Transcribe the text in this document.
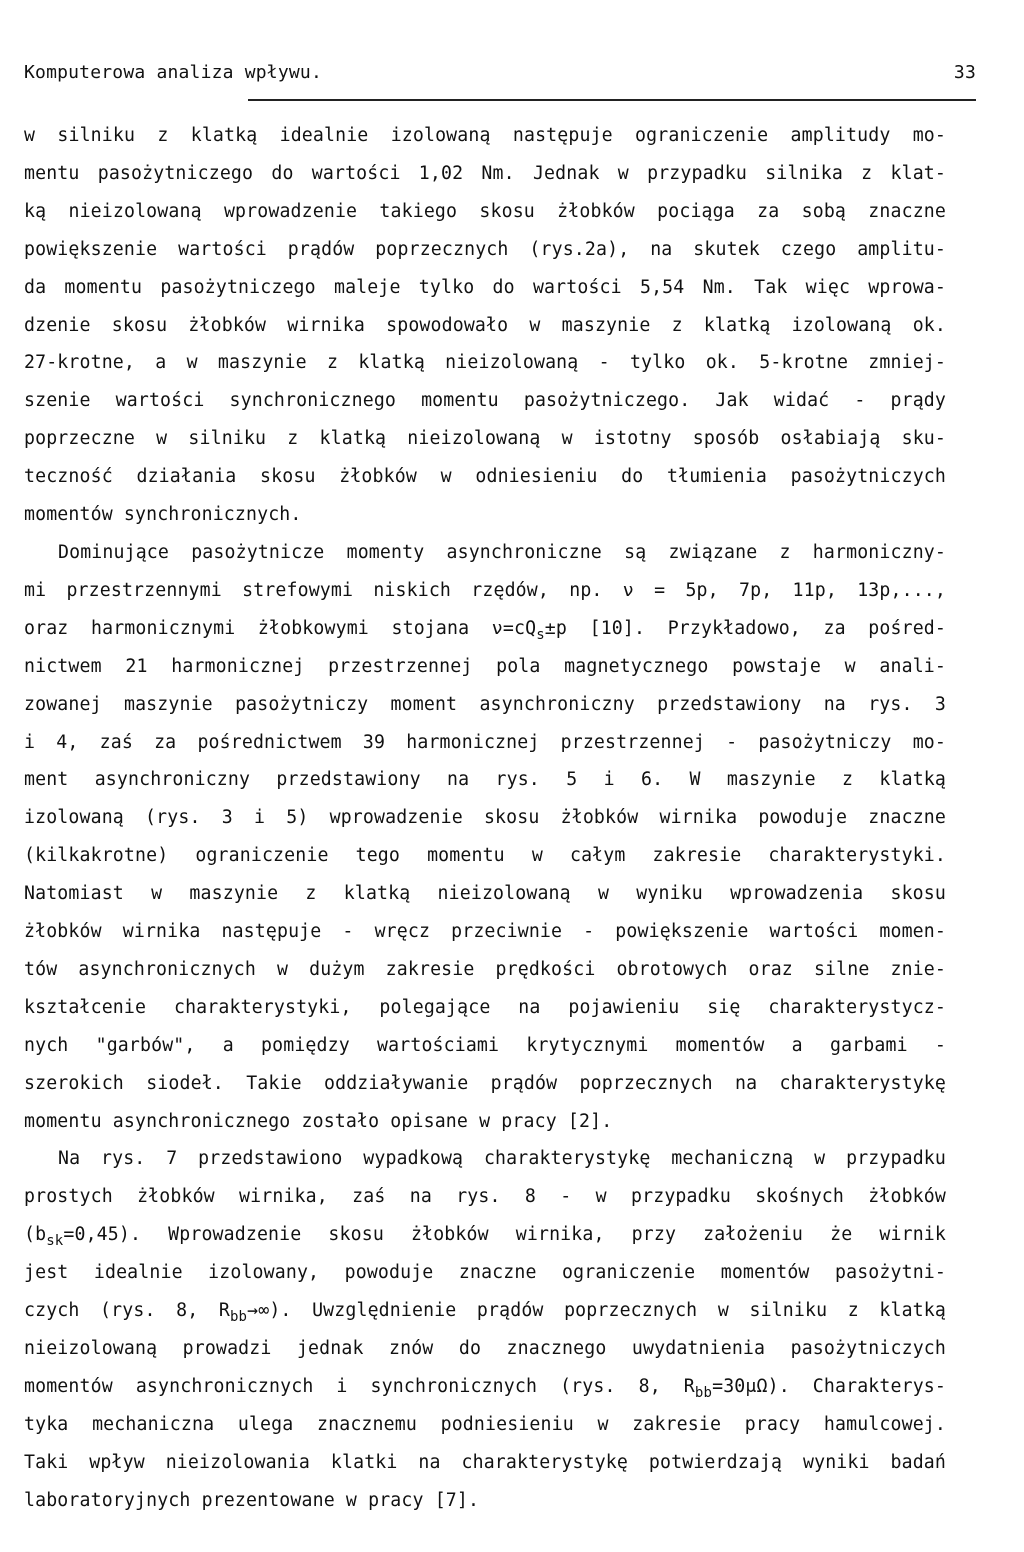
Komputerowa analiza wpływu.	33
w silniku z klatką idealnie izolowaną następuje ograniczenie amplitudy mo-
mentu pasożytniczego do wartości 1,02 Nm. Jednak w przypadku silnika z klat-
ką nieizolowaną wprowadzenie takiego skosu żłobków pociąga za sobą znaczne
powiększenie wartości prądów poprzecznych (rys.2a), na skutek czego amplitu-
da momentu pasożytniczego maleje tylko do wartości 5,54 Nm. Tak więc wprowa-
dzenie skosu żłobków wirnika spowodowało w maszynie z klatką izolowaną ok.
27-krotne, a w maszynie z klatką nieizolowaną - tylko ok. 5-krotne zmniej-
szenie wartości synchronicznego momentu pasożytniczego. Jak widać - prądy
poprzeczne w silniku z klatką nieizolowaną w istotny sposób osłabiają sku-
teczność działania skosu żłobków w odniesieniu do tłumienia pasożytniczych
momentów synchronicznych.
Dominujące pasożytnicze momenty asynchroniczne są związane z harmoniczny-
mi przestrzennymi strefowymi niskich rzędów, np. ν = 5p, 7p, 11p, 13p,...,
oraz harmonicznymi żłobkowymi stojana $\nu=cQ_s\pm p$ [10]. Przykładowo, za pośred-
nictwem 21 harmonicznej przestrzennej pola magnetycznego powstaje w anali-
zowanej maszynie pasożytniczy moment asynchroniczny przedstawiony na rys. 3
i 4, zaś za pośrednictwem 39 harmonicznej przestrzennej - pasożytniczy mo-
ment asynchroniczny przedstawiony na rys. 5 i 6. W maszynie z klatką
izolowaną (rys. 3 i 5) wprowadzenie skosu żłobków wirnika powoduje znaczne
(kilkakrotne) ograniczenie tego momentu w całym zakresie charakterystyki.
Natomiast w maszynie z klatką nieizolowaną w wyniku wprowadzenia skosu
żłobków wirnika następuje - wręcz przeciwnie - powiększenie wartości momen-
tów asynchronicznych w dużym zakresie prędkości obrotowych oraz silne znie-
kształcenie charakterystyki, polegające na pojawieniu się charakterystycz-
nych "garbów", a pomiędzy wartościami krytycznymi momentów a garbami -
szerokich siodeł. Takie oddziaływanie prądów poprzecznych na charakterystykę
momentu asynchronicznego zostało opisane w pracy [2].
Na rys. 7 przedstawiono wypadkową charakterystykę mechaniczną w przypadku
prostych żłobków wirnika, zaś na rys. 8 - w przypadku skośnych żłobków
$(b_{sk}=0,45)$. Wprowadzenie skosu żłobków wirnika, przy założeniu że wirnik
jest idealnie izolowany, powoduje znaczne ograniczenie momentów pasożytni-
czych (rys. 8, $R_{bb}\to\infty$). Uwzględnienie prądów poprzecznych w silniku z klatką
nieizolowaną prowadzi jednak znów do znacznego uwydatnienia pasożytniczych
momentów asynchronicznych i synchronicznych (rys. 8, $R_{bb}=30\mu\Omega$). Charakterys-
tyka mechaniczna ulega znacznemu podniesieniu w zakresie pracy hamulcowej.
Taki wpływ nieizolowania klatki na charakterystykę potwierdzają wyniki badań
laboratoryjnych prezentowane w pracy [7].
